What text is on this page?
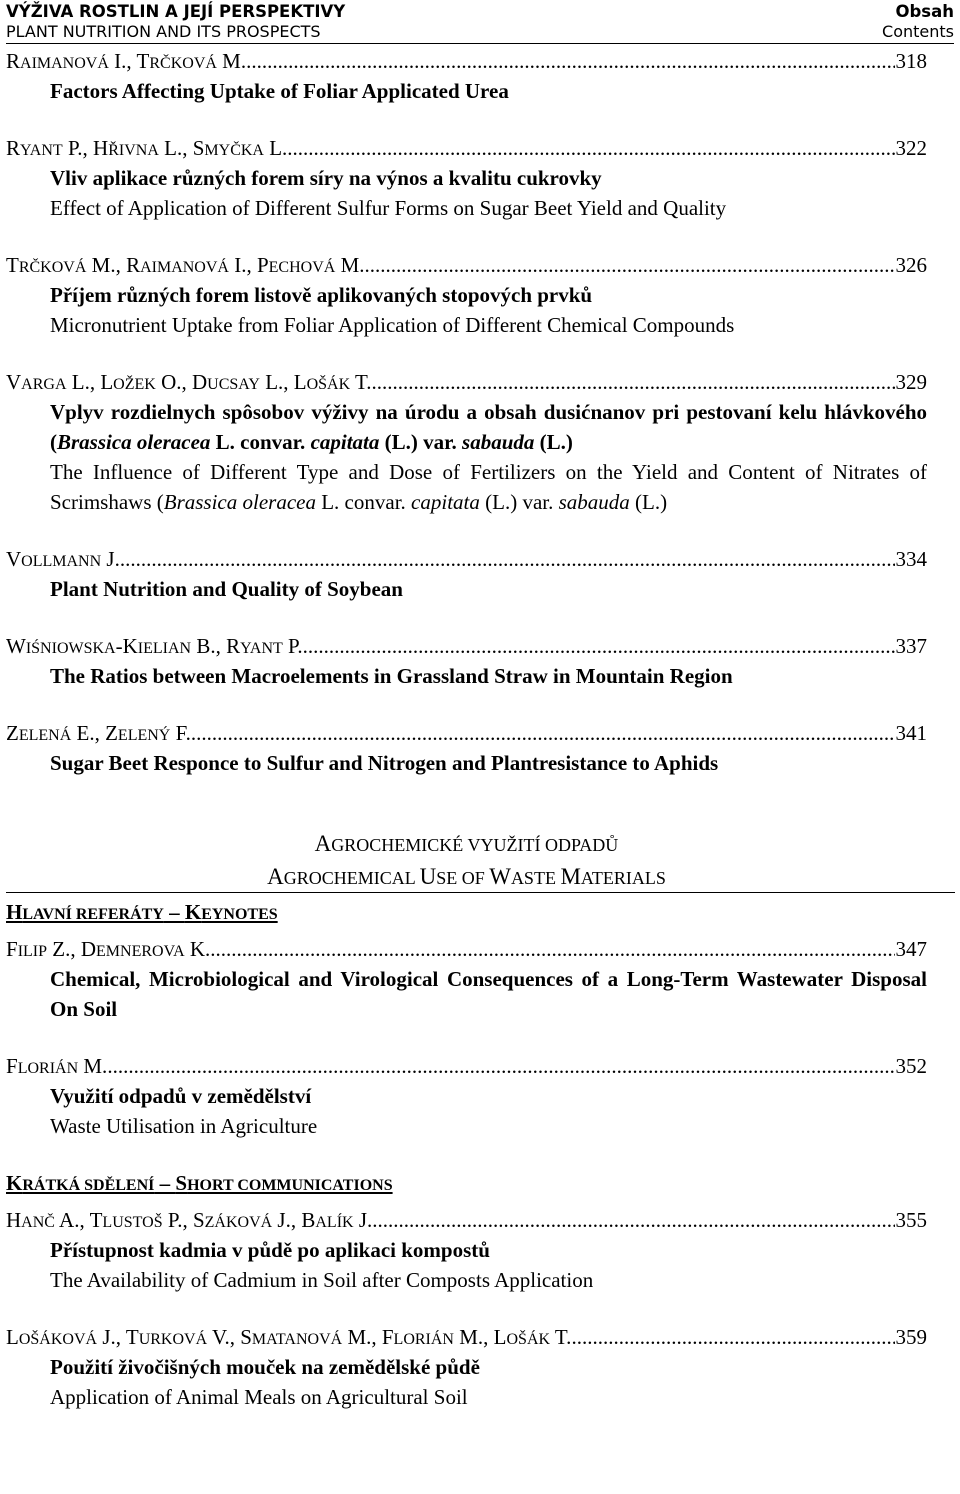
VÝŽIVA ROSTLIN A JEJÍ PERSPEKTIVY	Obsah
PLANT NUTRITION AND ITS PROSPECTS	Contents
RAIMANOVÁ I., TRČKOVÁ M. .....	318
Factors Affecting Uptake of Foliar Applicated Urea
RYANT P., HŘIVNA L., SMYČKA L. .....	322
Vliv aplikace různých forem síry na výnos a kvalitu cukrovky
Effect of Application of Different Sulfur Forms on Sugar Beet Yield and Quality
TRČKOVÁ M., RAIMANOVÁ I., PECHOVÁ M. .....	326
Příjem různých forem listově aplikovaných stopových prvků
Micronutrient Uptake from Foliar Application of Different Chemical Compounds
VARGA L., LOŽEK O., DUCSAY L., LOŠÁK T. .....	329
Vplyv rozdielnych spôsobov výživy na úrodu a obsah dusićnanov pri pestovaní kelu hlávkového (Brassica oleracea L. convar. capitata (L.) var. sabauda (L.)
The Influence of Different Type and Dose of Fertilizers on the Yield and Content of Nitrates of Scrimshaws (Brassica oleracea L. convar. capitata (L.) var. sabauda (L.)
VOLLMANN J. .....	334
Plant Nutrition and Quality of Soybean
WIŚNIOWSKA-KIELIAN B., RYANT P. .....	337
The Ratios between Macroelements in Grassland Straw in Mountain Region
ZELENÁ E., ZELENÝ F. .....	341
Sugar Beet Responce to Sulfur and Nitrogen and Plantresistance to Aphids
AGROCHEMICKÉ VYUŽITÍ ODPADŮ
AGROCHEMICAL USE OF WASTE MATERIALS
HLAVNÍ REFERÁTY – KEYNOTES
FILIP Z., DEMNEROVA K. .....	347
Chemical, Microbiological and Virological Consequences of a Long-Term Wastewater Disposal On Soil
FLORIÁN M. .....	352
Využití odpadů v zemědělství
Waste Utilisation in Agriculture
KRÁTKÁ SDĚLENÍ – SHORT COMMUNICATIONS
HANČ A., TLUSTOŠ P., SZÁKOVÁ J., BALÍK J. .....	355
Přístupnost kadmia v půdě po aplikaci kompostů
The Availability of Cadmium in Soil after Composts Application
LOŠÁKOVÁ J., TURKOVÁ V., SMATANOVÁ M., FLORIÁN M., LOŠÁK T. .....	359
Použití živočišných mouček na zemědělské půdě
Application of Animal Meals on Agricultural Soil
